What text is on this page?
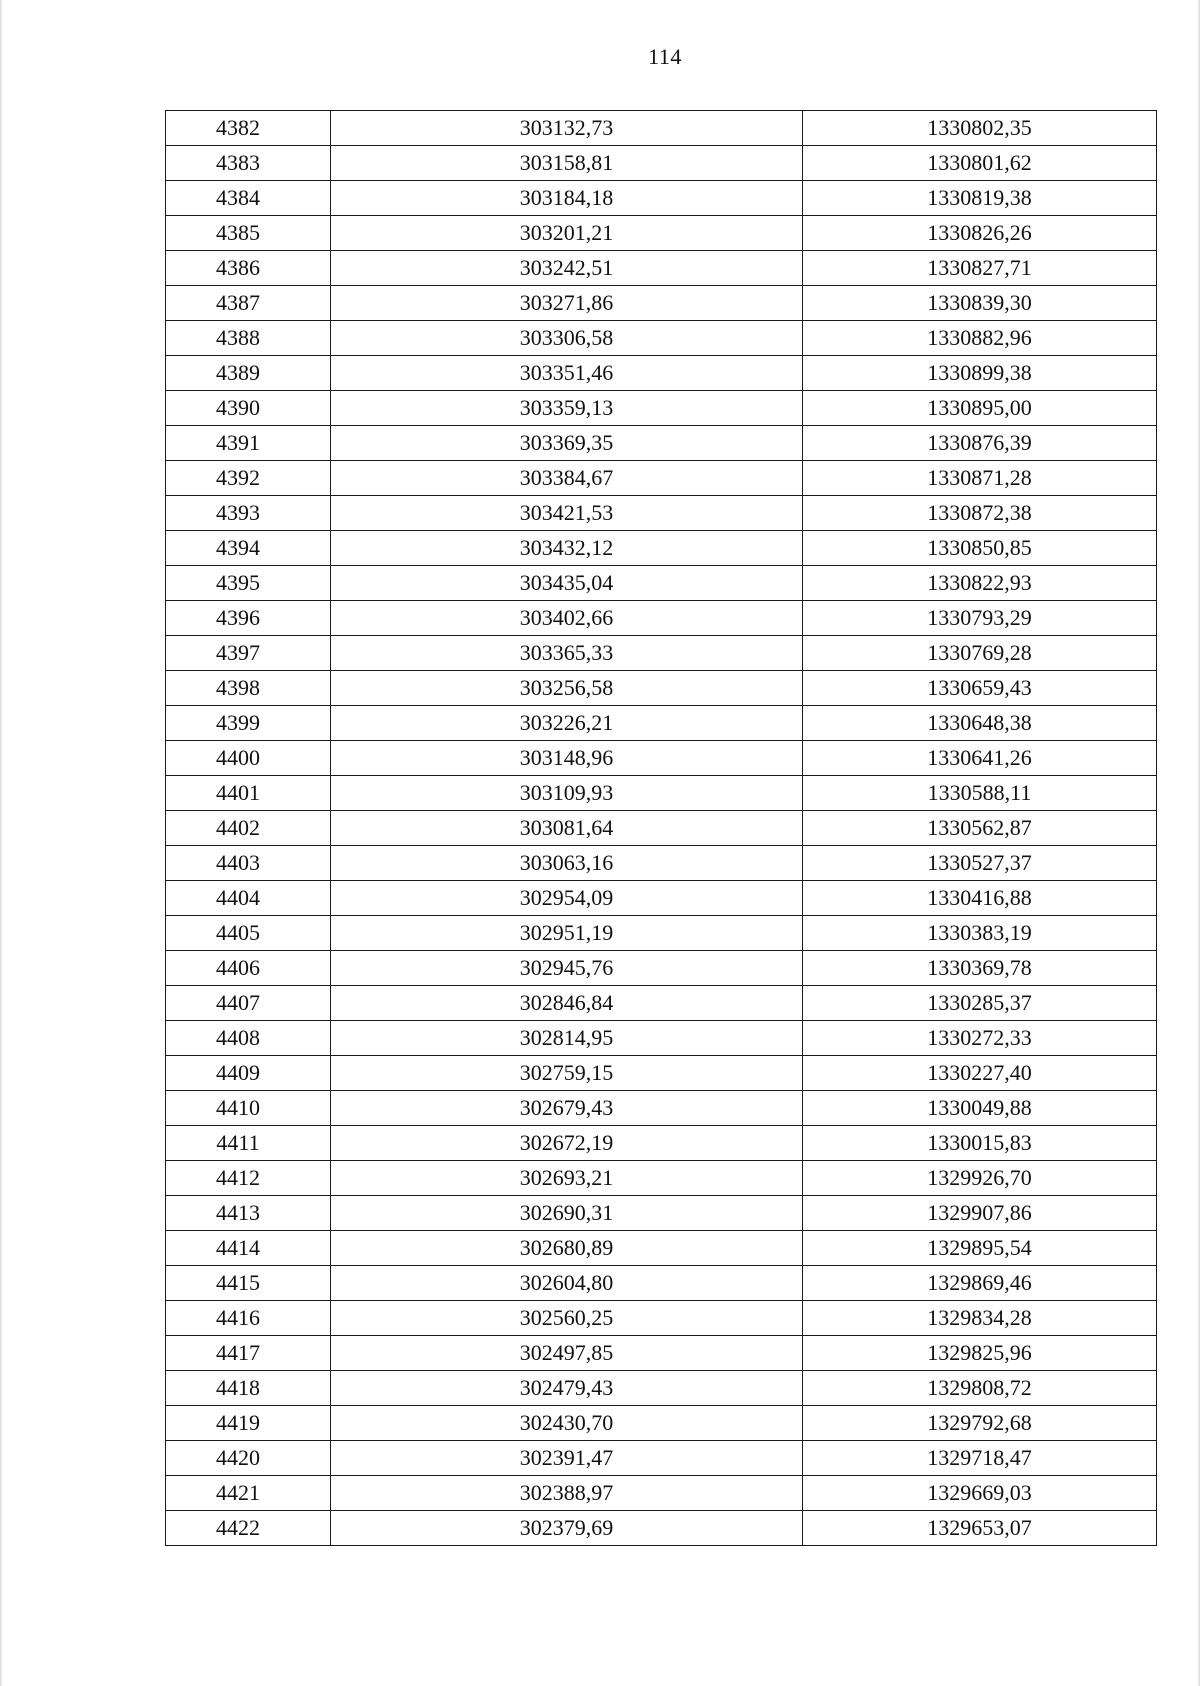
114
4382	303132,73	1330802,35
4383	303158,81	1330801,62
4384	303184,18	1330819,38
4385	303201,21	1330826,26
4386	303242,51	1330827,71
4387	303271,86	1330839,30
4388	303306,58	1330882,96
4389	303351,46	1330899,38
4390	303359,13	1330895,00
4391	303369,35	1330876,39
4392	303384,67	1330871,28
4393	303421,53	1330872,38
4394	303432,12	1330850,85
4395	303435,04	1330822,93
4396	303402,66	1330793,29
4397	303365,33	1330769,28
4398	303256,58	1330659,43
4399	303226,21	1330648,38
4400	303148,96	1330641,26
4401	303109,93	1330588,11
4402	303081,64	1330562,87
4403	303063,16	1330527,37
4404	302954,09	1330416,88
4405	302951,19	1330383,19
4406	302945,76	1330369,78
4407	302846,84	1330285,37
4408	302814,95	1330272,33
4409	302759,15	1330227,40
4410	302679,43	1330049,88
4411	302672,19	1330015,83
4412	302693,21	1329926,70
4413	302690,31	1329907,86
4414	302680,89	1329895,54
4415	302604,80	1329869,46
4416	302560,25	1329834,28
4417	302497,85	1329825,96
4418	302479,43	1329808,72
4419	302430,70	1329792,68
4420	302391,47	1329718,47
4421	302388,97	1329669,03
4422	302379,69	1329653,07
